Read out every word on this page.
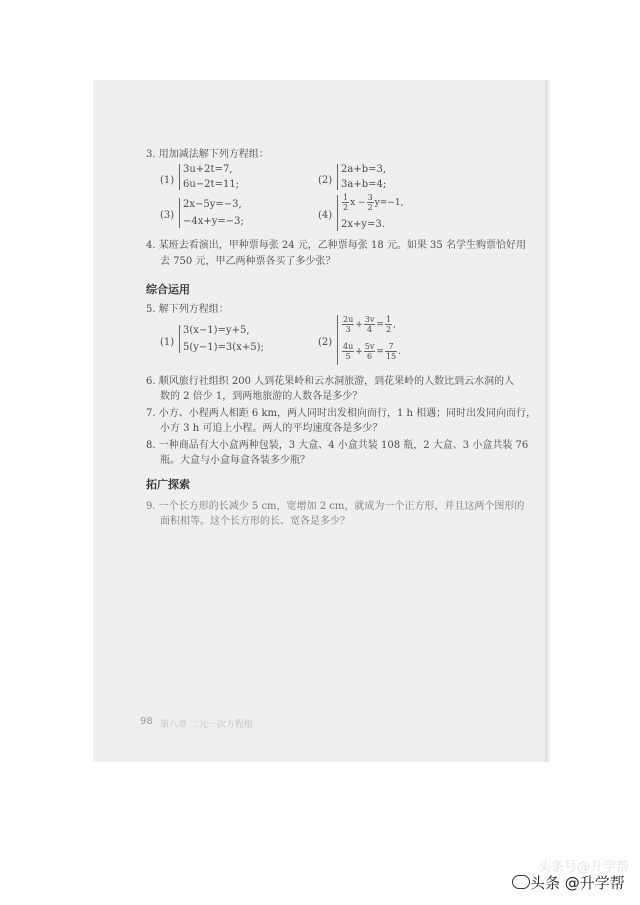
3. 用加减法解下列方程组：
(1)
3u+2t=7,
6u−2t=11;	(2)
2a+b=3,
3a+b=4;
(3)
2x−5y=−3,
−4x+y=−3;
(4)
$\frac{1}{2}$ $x - \frac{3}{2} y=-1$,
2x+y=3.
4. 某班去看演出，甲种票每张 24 元，乙种票每张 18 元。如果 35 名学生购票恰好用
去 750 元，甲乙两种票各买了多少张？
综合运用
5. 解下列方程组：
(1)
3(x−1)=y+5,
5(y−1)=3(x+5);	(2)
$\frac{2u}{3} + \frac{3v}{4} = \frac{1}{2}$ ,
$\frac{4u}{5} + \frac{5v}{6} = \frac{7}{15}$ .
6. 顺风旅行社组织 200 人到花果岭和云水洞旅游，到花果岭的人数比到云水洞的人
数的 2 倍少 1，到两地旅游的人数各是多少？
7. 小方、小程两人相距 6 km，两人同时出发相向而行，1 h 相遇；同时出发同向而行，
小方 3 h 可追上小程。两人的平均速度各是多少？
8. 一种商品有大小盒两种包装，3 大盒、4 小盒共装 108 瓶，2 大盒、3 小盒共装 76
瓶。大盒与小盒每盒各装多少瓶？
拓广探索
9. 一个长方形的长减少 5 cm，宽增加 2 cm，就成为一个正方形，并且这两个图形的
面积相等。这个长方形的长、宽各是多少？
98 第八章 二元一次方程组
头条号@升学帮
头条 @升学帮
